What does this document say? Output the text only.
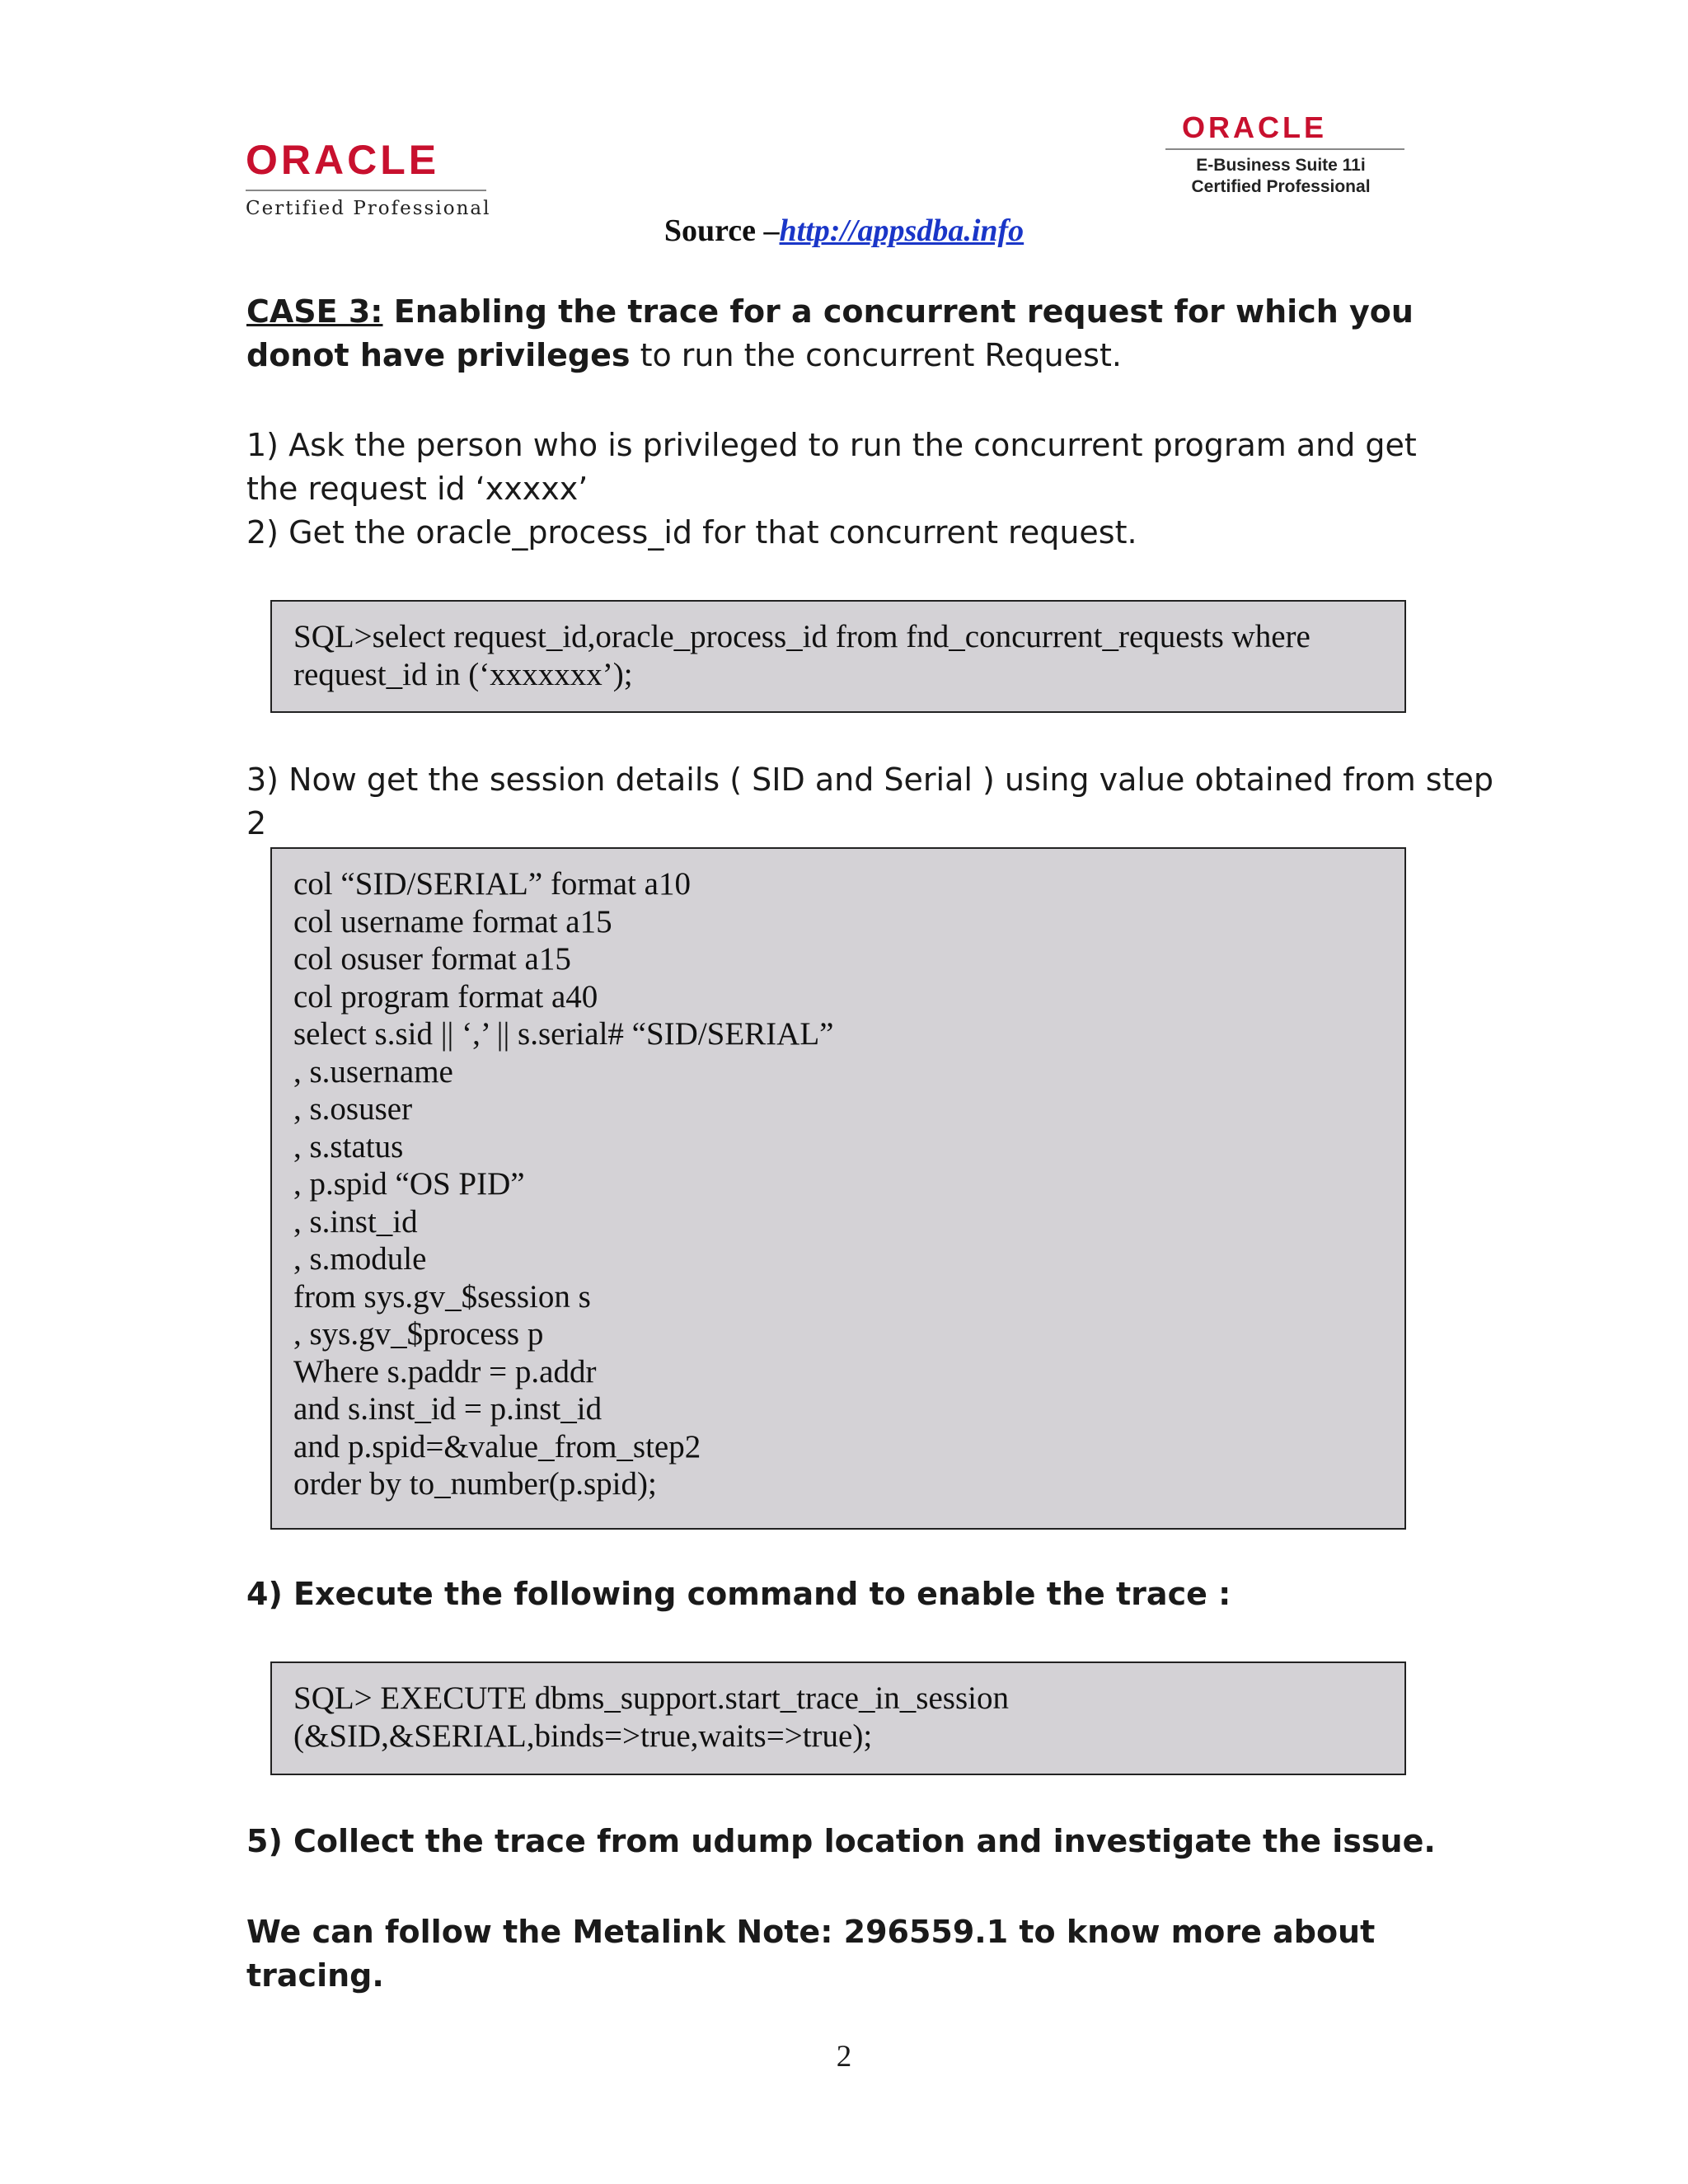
ORACLE
Certified Professional
ORACLE
E-Business Suite 11i
Certified Professional
Source –http://appsdba.info
CASE 3: Enabling the trace for a concurrent request for which you donot have privileges to run the concurrent Request.
1) Ask the person who is privileged to run the concurrent program and get the request id ‘xxxxx’
2) Get the oracle_process_id for that concurrent request.
SQL>select request_id,oracle_process_id from fnd_concurrent_requests where
request_id in (‘xxxxxxx’);
3) Now get the session details ( SID and Serial ) using value obtained from step 2
col “SID/SERIAL” format a10
col username format a15
col osuser format a15
col program format a40
select s.sid || ‘,’ || s.serial# “SID/SERIAL”
, s.username
, s.osuser
, s.status
, p.spid “OS PID”
, s.inst_id
, s.module
from sys.gv_$session s
, sys.gv_$process p
Where s.paddr = p.addr
and s.inst_id = p.inst_id
and p.spid=&value_from_step2
order by to_number(p.spid);
4) Execute the following command to enable the trace :
SQL> EXECUTE dbms_support.start_trace_in_session
(&SID,&SERIAL,binds=>true,waits=>true);
5) Collect the trace from udump location and investigate the issue.
We can follow the Metalink Note: 296559.1 to know more about tracing.
2
